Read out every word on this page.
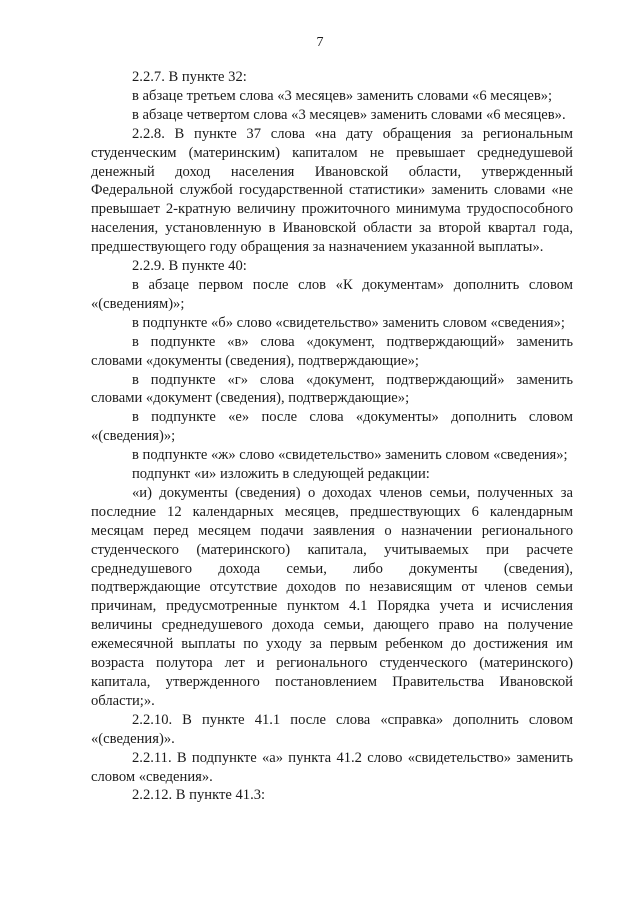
7

2.2.7. В пункте 32:

в абзаце третьем слова «3 месяцев» заменить словами «6 месяцев»;

в абзаце четвертом слова «3 месяцев» заменить словами «6 месяцев».

2.2.8. В пункте 37 слова «на дату обращения за региональным студенческим (материнским) капиталом не превышает среднедушевой денежный доход населения Ивановской области, утвержденный Федеральной службой государственной статистики» заменить словами «не превышает 2-кратную величину прожиточного минимума трудоспособного населения, установленную в Ивановской области за второй квартал года, предшествующего году обращения за назначением указанной выплаты».

2.2.9. В пункте 40:

в абзаце первом после слов «К документам» дополнить словом «(сведениям)»;

в подпункте «б» слово «свидетельство» заменить словом «сведения»;

в подпункте «в» слова «документ, подтверждающий» заменить словами «документы (сведения), подтверждающие»;

в подпункте «г» слова «документ, подтверждающий» заменить словами «документ (сведения), подтверждающие»;

в подпункте «е» после слова «документы» дополнить словом «(сведения)»;

в подпункте «ж» слово «свидетельство» заменить словом «сведения»;

подпункт «и» изложить в следующей редакции:

«и) документы (сведения) о доходах членов семьи, полученных за последние 12 календарных месяцев, предшествующих 6 календарным месяцам перед месяцем подачи заявления о назначении регионального студенческого (материнского) капитала, учитываемых при расчете среднедушевого дохода семьи, либо документы (сведения), подтверждающие отсутствие доходов по независящим от членов семьи причинам, предусмотренные пунктом 4.1 Порядка учета и исчисления величины среднедушевого дохода семьи, дающего право на получение ежемесячной выплаты по уходу за первым ребенком до достижения им возраста полутора лет и регионального студенческого (материнского) капитала, утвержденного постановлением Правительства Ивановской области;».

2.2.10. В пункте 41.1 после слова «справка» дополнить словом «(сведения)».

2.2.11. В подпункте «а» пункта 41.2 слово «свидетельство» заменить словом «сведения».

2.2.12. В пункте 41.3:
